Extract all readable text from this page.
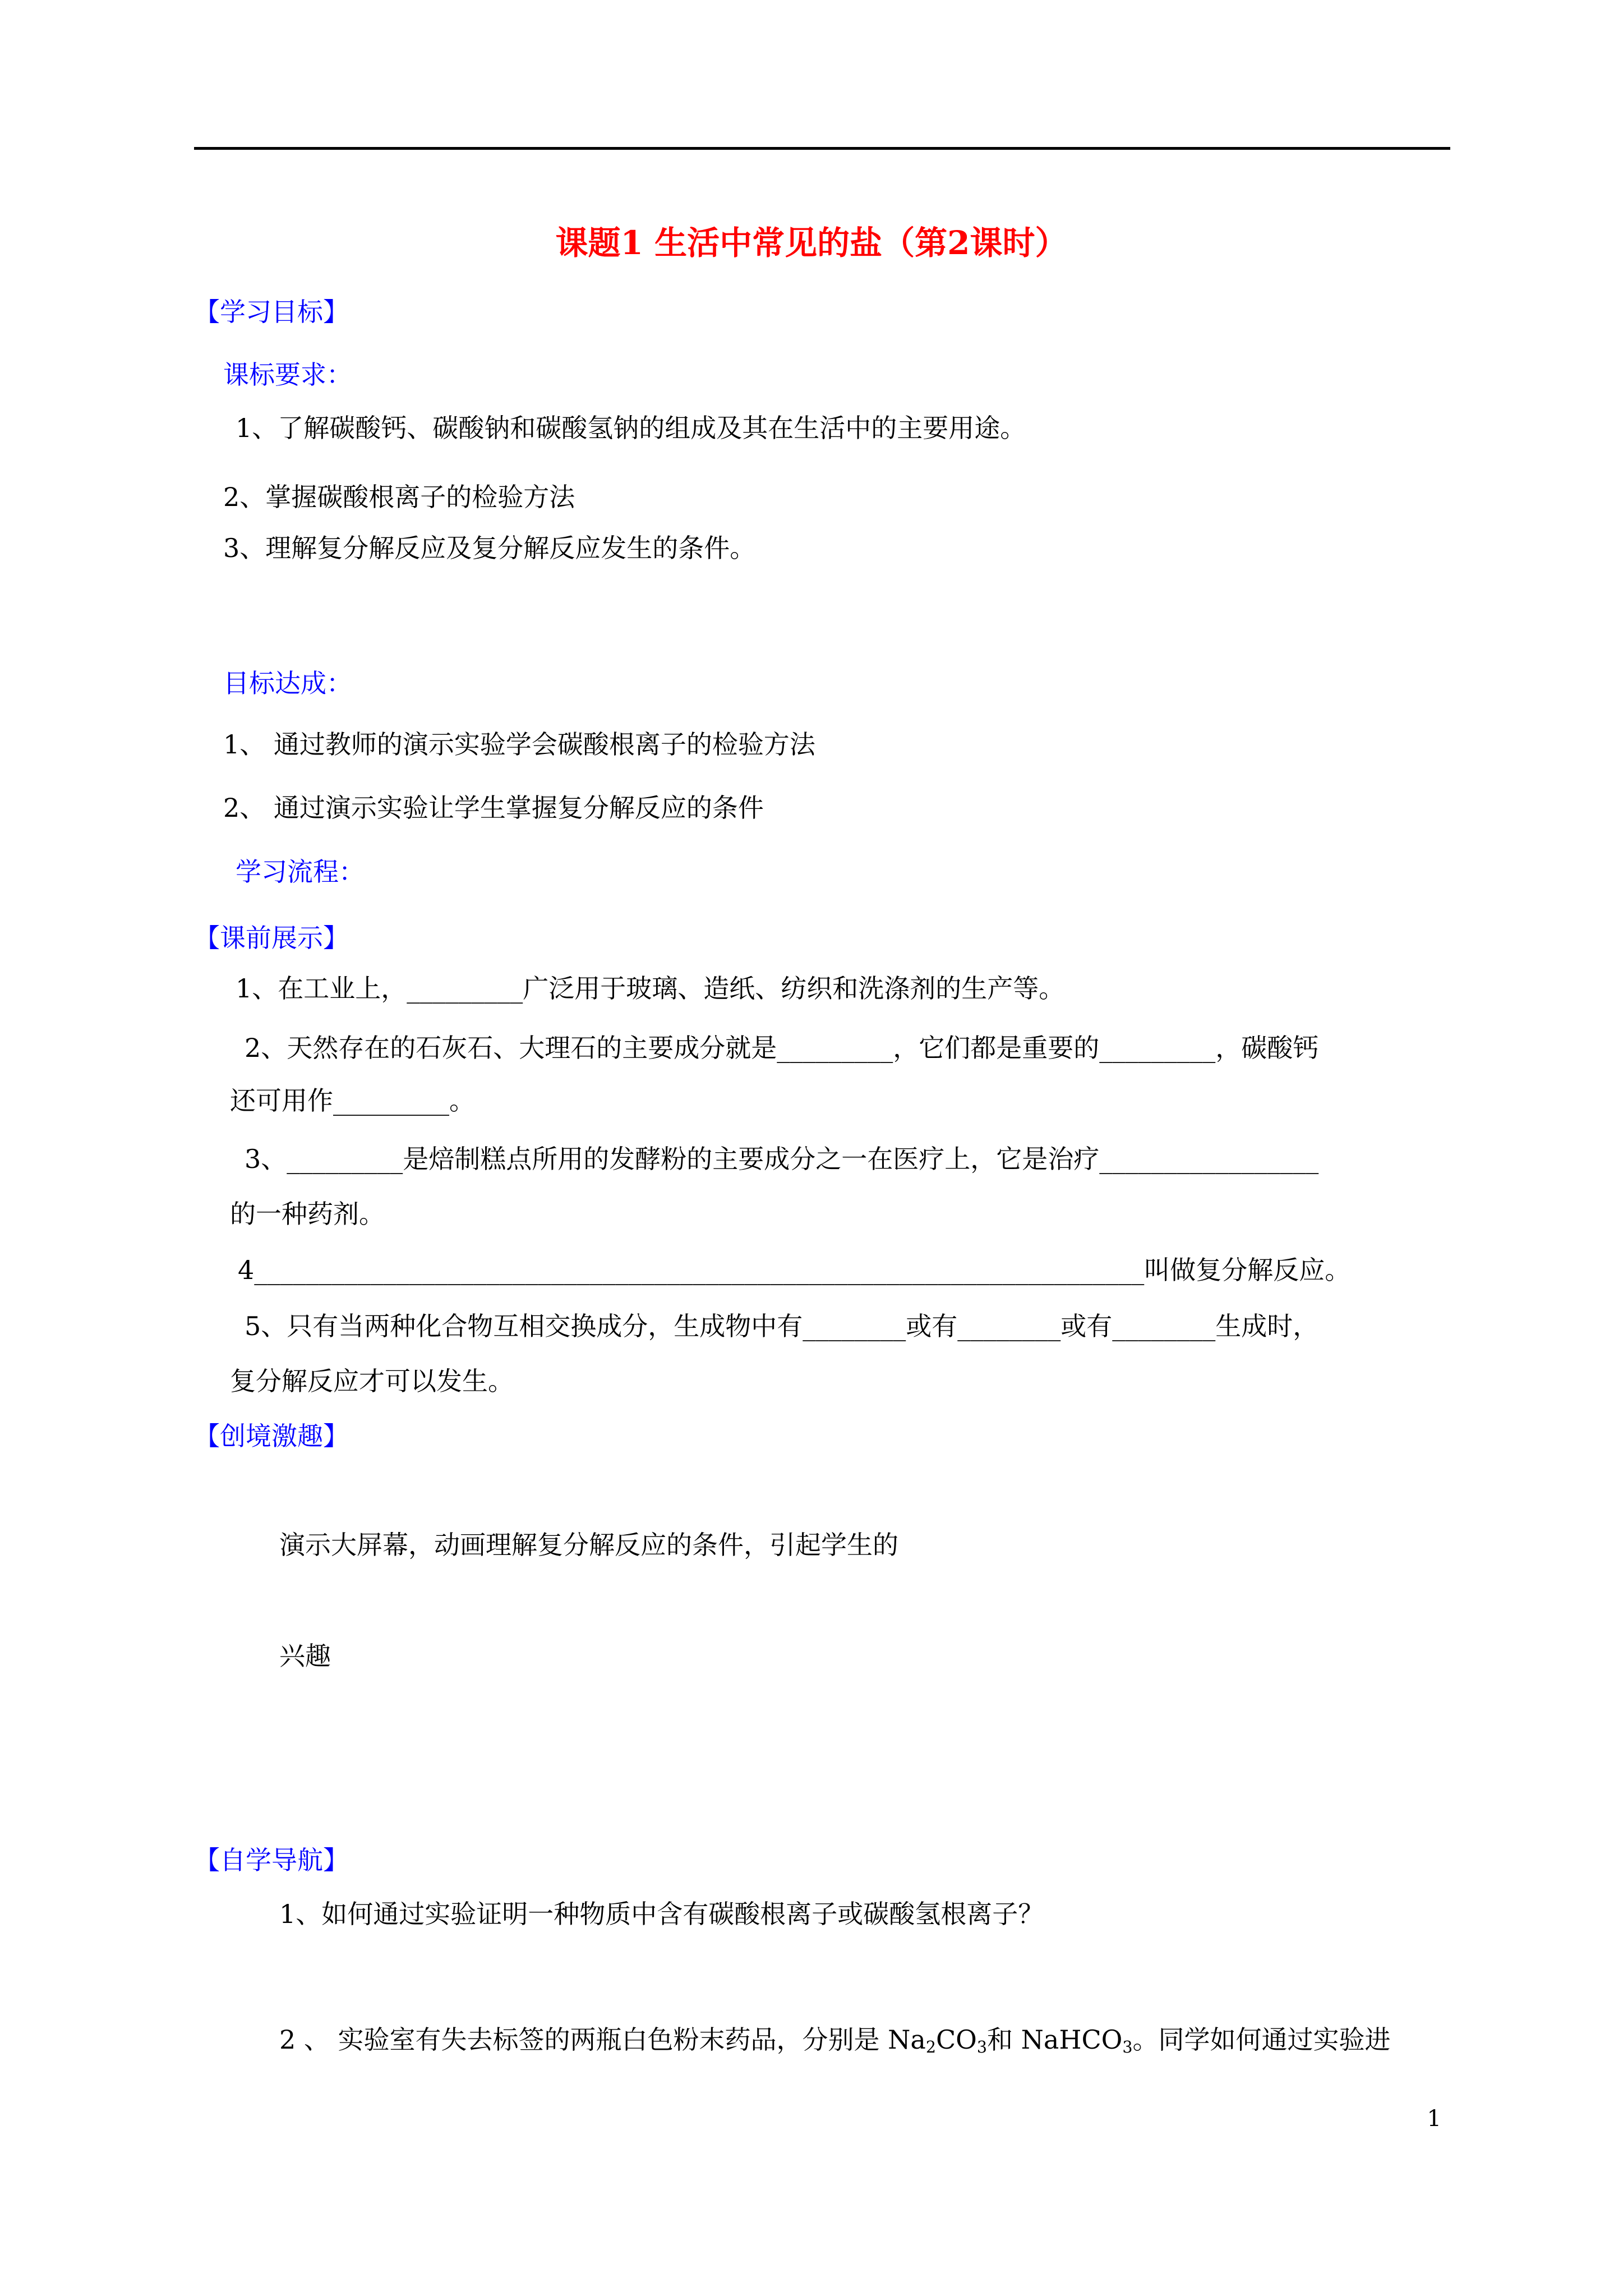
课题1 生活中常见的盐（第2课时）
【学习目标】
课标要求：
1、了解碳酸钙、碳酸钠和碳酸氢钠的组成及其在生活中的主要用途。
2、掌握碳酸根离子的检验方法
3、理解复分解反应及复分解反应发生的条件。
目标达成：
1、 通过教师的演示实验学会碳酸根离子的检验方法
2、 通过演示实验让学生掌握复分解反应的条件
学习流程：
【课前展示】
1、在工业上，_________广泛用于玻璃、造纸、纺织和洗涤剂的生产等。
2、天然存在的石灰石、大理石的主要成分就是_________，它们都是重要的_________，碳酸钙
还可用作_________。
3、_________是焙制糕点所用的发酵粉的主要成分之一在医疗上，它是治疗_________________
的一种药剂。
4_____________________________________________________________________叫做复分解反应。
5、只有当两种化合物互相交换成分，生成物中有________或有________或有________生成时，
复分解反应才可以发生。
【创境激趣】
演示大屏幕，动画理解复分解反应的条件，引起学生的
兴趣
【自学导航】
1、如何通过实验证明一种物质中含有碳酸根离子或碳酸氢根离子？
2 、 实验室有失去标签的两瓶白色粉末药品，分别是 $Na_2CO_3$和 NaHCO$_3$。同学如何通过实验进
1
